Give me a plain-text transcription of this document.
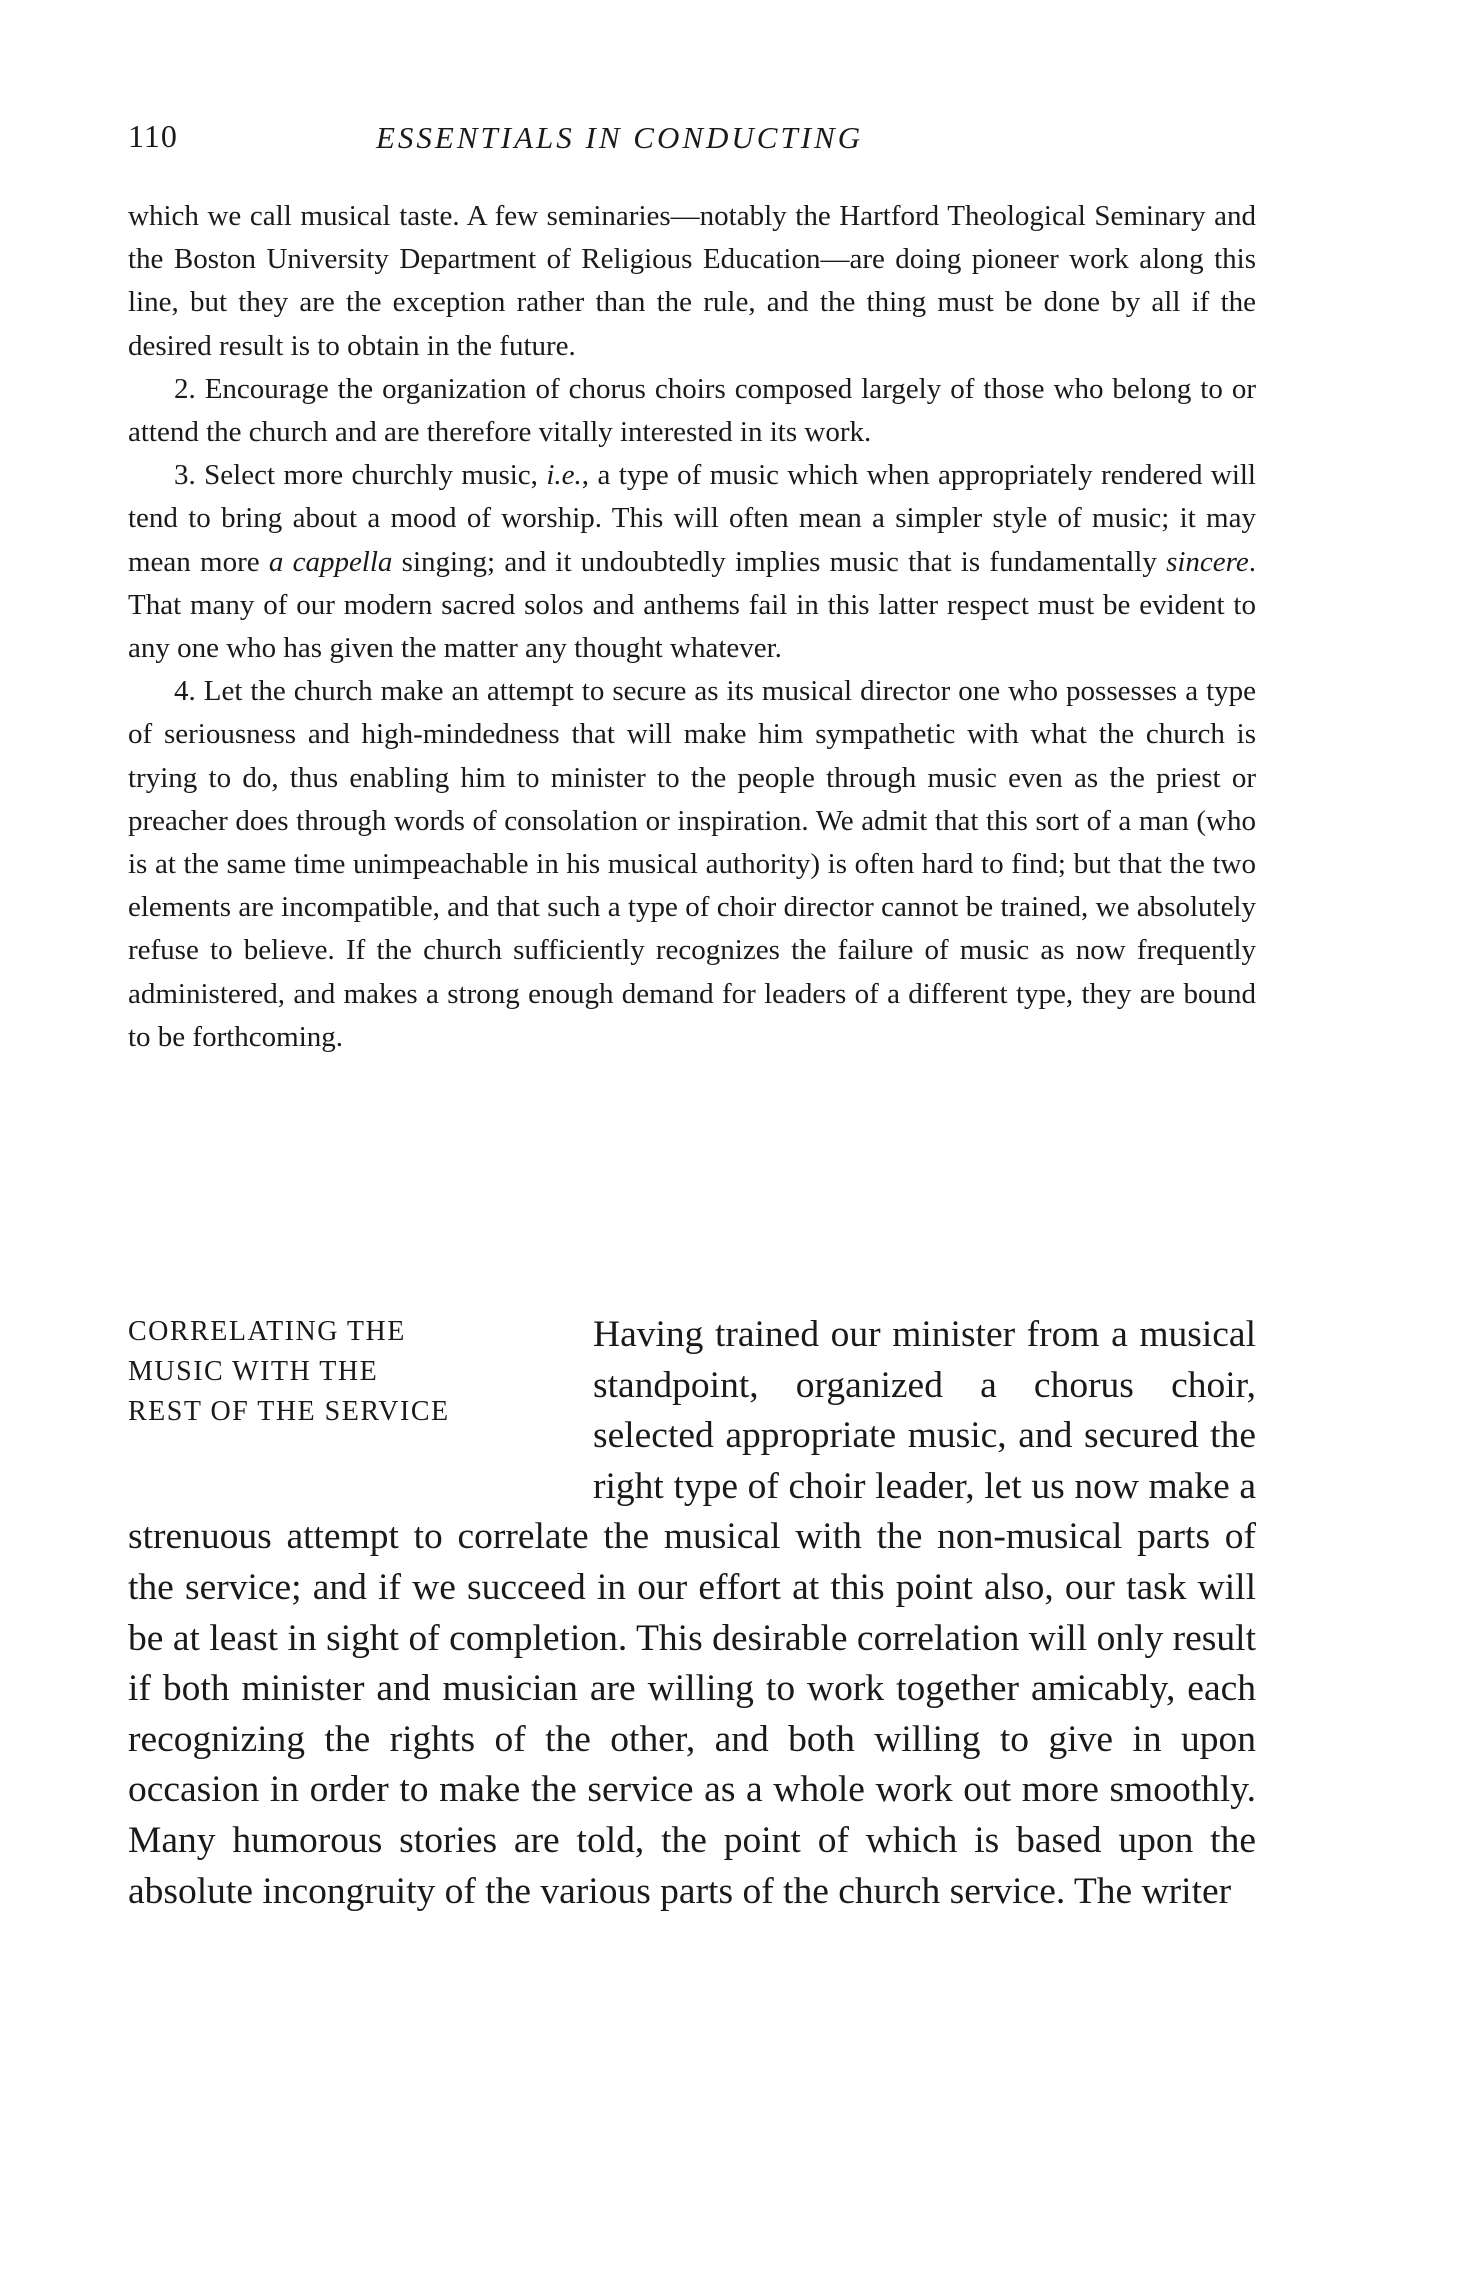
110	ESSENTIALS IN CONDUCTING

which we call musical taste. A few seminaries—notably the Hartford Theological Seminary and the Boston University Department of Religious Education—are doing pioneer work along this line, but they are the exception rather than the rule, and the thing must be done by all if the desired result is to obtain in the future.

2. Encourage the organization of chorus choirs composed largely of those who belong to or attend the church and are therefore vitally interested in its work.

3. Select more churchly music, i.e., a type of music which when appropriately rendered will tend to bring about a mood of worship. This will often mean a simpler style of music; it may mean more a cappella singing; and it undoubtedly implies music that is fundamentally sincere. That many of our modern sacred solos and anthems fail in this latter respect must be evident to any one who has given the matter any thought whatever.

4. Let the church make an attempt to secure as its musical director one who possesses a type of seriousness and high-mindedness that will make him sympathetic with what the church is trying to do, thus enabling him to minister to the people through music even as the priest or preacher does through words of consolation or inspiration. We admit that this sort of a man (who is at the same time unimpeachable in his musical authority) is often hard to find; but that the two elements are incompatible, and that such a type of choir director cannot be trained, we absolutely refuse to believe. If the church sufficiently recognizes the failure of music as now frequently administered, and makes a strong enough demand for leaders of a different type, they are bound to be forthcoming.

CORRELATING THE
MUSIC WITH THE
REST OF THE SERVICE

Having trained our minister from a musical standpoint, organized a chorus choir, selected appropriate music, and secured the right type of choir leader, let us now make a strenuous attempt to correlate the musical with the non-musical parts of the service; and if we succeed in our effort at this point also, our task will be at least in sight of completion. This desirable correlation will only result if both minister and musician are willing to work together amicably, each recognizing the rights of the other, and both willing to give in upon occasion in order to make the service as a whole work out more smoothly. Many humorous stories are told, the point of which is based upon the absolute incongruity of the various parts of the church service. The writer
